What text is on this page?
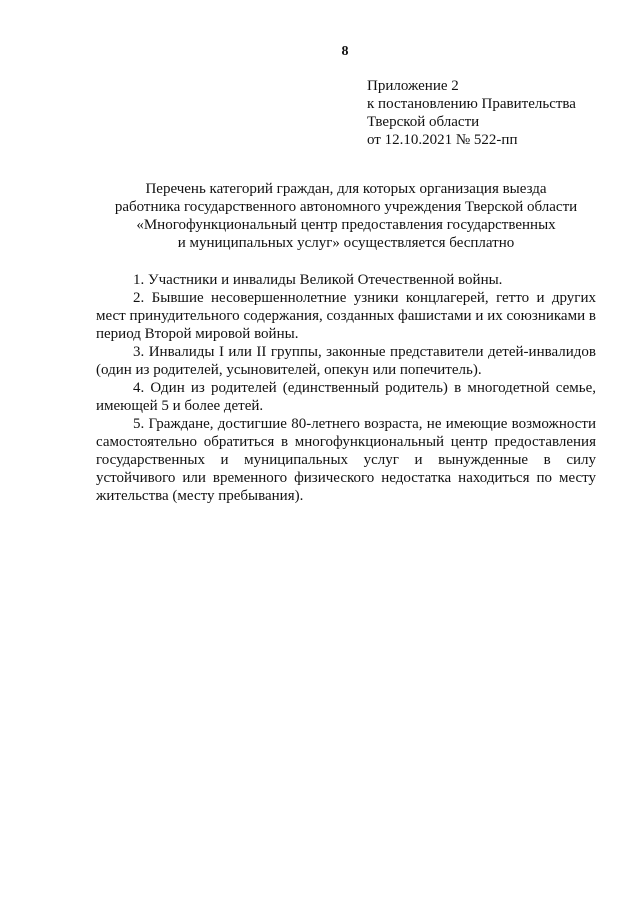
8
Приложение 2
к постановлению Правительства
Тверской области
от 12.10.2021 № 522-пп
Перечень категорий граждан, для которых организация выезда
работника государственного автономного учреждения Тверской области
«Многофункциональный центр предоставления государственных
и муниципальных услуг» осуществляется бесплатно

1. Участники и инвалиды Великой Отечественной войны.

2. Бывшие несовершеннолетние узники концлагерей, гетто и других мест принудительного содержания, созданных фашистами и их союзниками в период Второй мировой войны.

3. Инвалиды I или II группы, законные представители детей-инвалидов (один из родителей, усыновителей, опекун или попечитель).

4. Один из родителей (единственный родитель) в многодетной семье, имеющей 5 и более детей.

5. Граждане, достигшие 80-летнего возраста, не имеющие возможности самостоятельно обратиться в многофункциональный центр предоставления государственных и муниципальных услуг и вынужденные в силу устойчивого или временного физического недостатка находиться по месту жительства (месту пребывания).
